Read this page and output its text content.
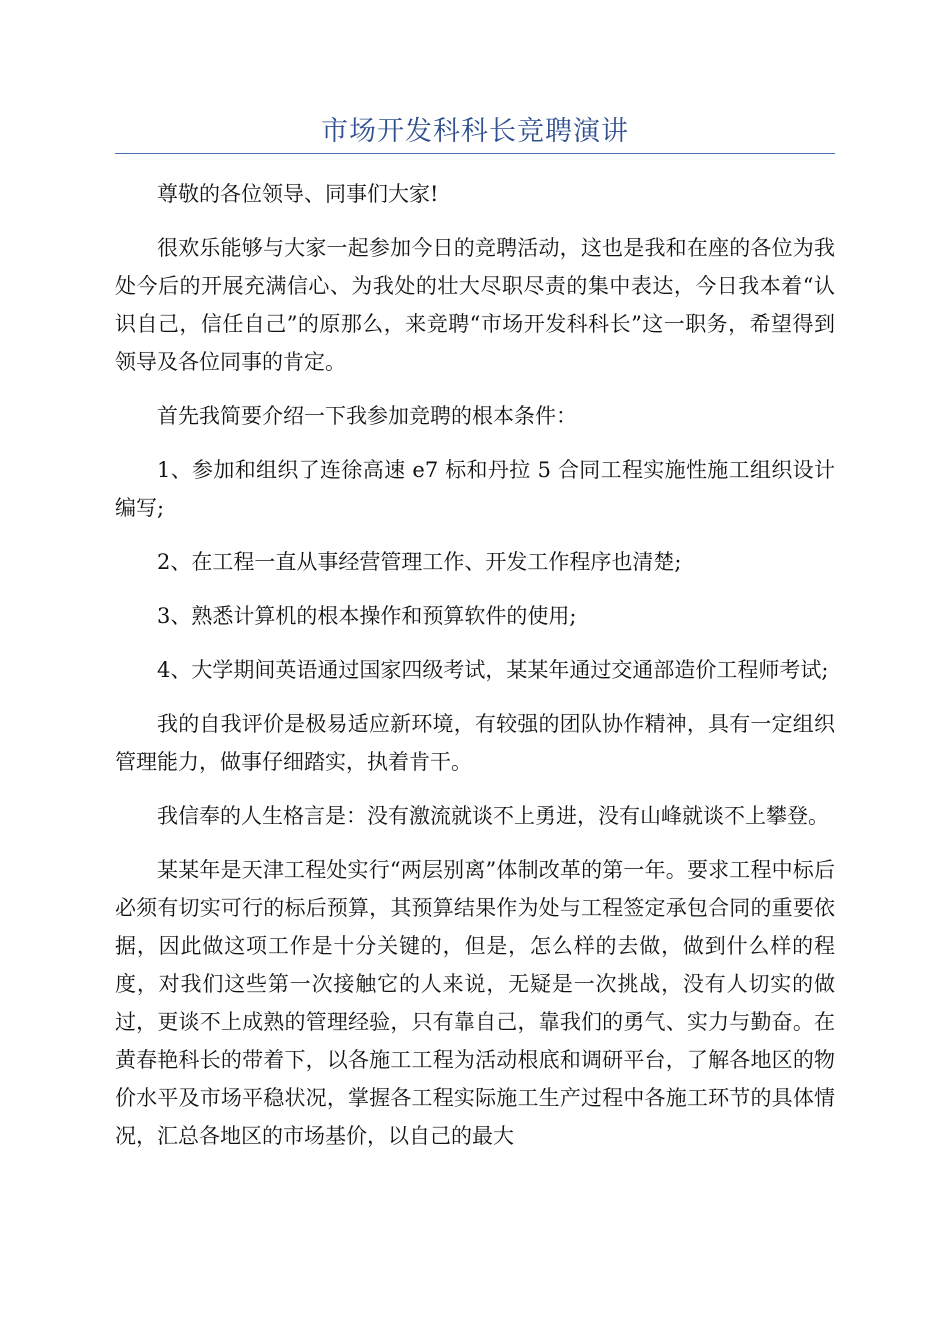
市场开发科科长竞聘演讲

尊敬的各位领导、同事们大家!

很欢乐能够与大家一起参加今日的竞聘活动，这也是我和在座的各位为我处今后的开展充满信心、为我处的壮大尽职尽责的集中表达，今日我本着“认识自己，信任自己”的原那么，来竞聘“市场开发科科长”这一职务，希望得到领导及各位同事的肯定。

首先我简要介绍一下我参加竞聘的根本条件：

1、参加和组织了连徐高速 e7 标和丹拉 5 合同工程实施性施工组织设计编写;

2、在工程一直从事经营管理工作、开发工作程序也清楚;

3、熟悉计算机的根本操作和预算软件的使用;

4、大学期间英语通过国家四级考试，某某年通过交通部造价工程师考试;

我的自我评价是极易适应新环境，有较强的团队协作精神，具有一定组织管理能力，做事仔细踏实，执着肯干。

我信奉的人生格言是：没有激流就谈不上勇进，没有山峰就谈不上攀登。

某某年是天津工程处实行“两层别离”体制改革的第一年。要求工程中标后必须有切实可行的标后预算，其预算结果作为处与工程签定承包合同的重要依据，因此做这项工作是十分关键的，但是，怎么样的去做，做到什么样的程度，对我们这些第一次接触它的人来说，无疑是一次挑战，没有人切实的做过，更谈不上成熟的管理经验，只有靠自己，靠我们的勇气、实力与勤奋。在黄春艳科长的带着下，以各施工工程为活动根底和调研平台，了解各地区的物价水平及市场平稳状况，掌握各工程实际施工生产过程中各施工环节的具体情况，汇总各地区的市场基价，以自己的最大
